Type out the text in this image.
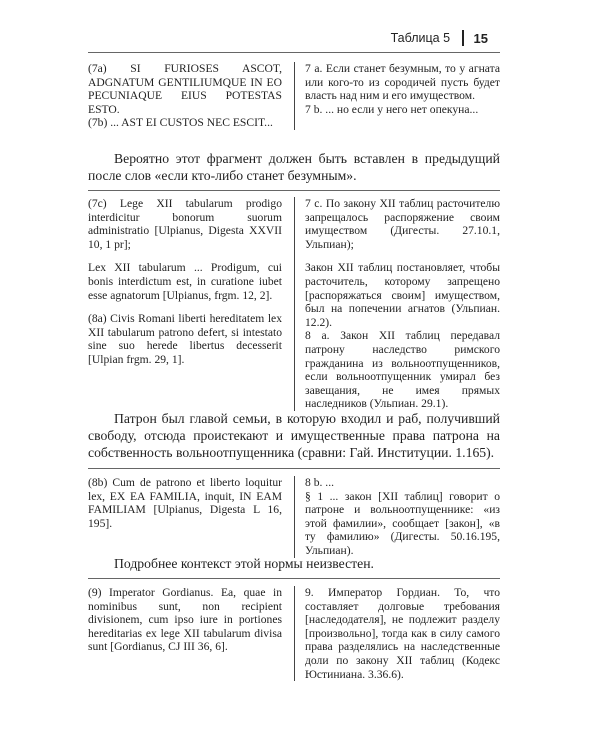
Таблица 5 15

(7a) SI FURIOSES ASCOT, ADGNATUM GENTILIUMQUE IN EO PECUNIAQUE EIUS POTESTAS ESTO.

(7b) ... AST EI CUSTOS NEC ESCIT...

7 а. Если станет безумным, то у агната или кого-то из сородичей пусть будет власть над ним и его имуществом.

7 b. ... но если у него нет опекуна...

Вероятно этот фрагмент должен быть вставлен в предыдущий после слов «если кто-либо станет безумным».

(7c) Lege XII tabularum prodigo interdicitur bonorum suorum administratio [Ulpianus, Digesta XXVII 10, 1 pr];

Lex XII tabularum ... Prodigum, cui bonis interdictum est, in curatione iubet esse agnatorum [Ulpianus, frgm. 12, 2].

(8a) Civis Romani liberti hereditatem lex XII tabularum patrono defert, si intestato sine suo herede libertus decesserit [Ulpian frgm. 29, 1].

7 с. По закону XII таблиц расточителю запрещалось распоряжение своим имуществом (Дигесты. 27.10.1, Ульпиан);

Закон XII таблиц постановляет, чтобы расточитель, которому запрещено [распоряжаться своим] имуществом, был на попечении агнатов (Ульпиан. 12.2).

8 а. Закон XII таблиц передавал патрону наследство римского гражданина из вольноотпущенников, если вольноотпущенник умирал без завещания, не имея прямых наследников (Ульпиан. 29.1).

Патрон был главой семьи, в которую входил и раб, получивший свободу, отсюда проистекают и имущественные права патрона на собственность вольноотпущенника (сравни: Гай. Институции. 1.165).

(8b) Cum de patrono et liberto loquitur lex, EX EA FAMILIA, inquit, IN EAM FAMILIAM [Ulpianus, Digesta L 16, 195].

8 b. ...

§ 1 ... закон [XII таблиц] говорит о патроне и вольноотпущеннике: «из этой фамилии», сообщает [закон], «в ту фамилию» (Дигесты. 50.16.195, Ульпиан).

Подробнее контекст этой нормы неизвестен.

(9) Imperator Gordianus. Ea, quae in nominibus sunt, non recipient divisionem, cum ipso iure in portiones hereditarias ex lege XII tabularum divisa sunt [Gordianus, CJ III 36, 6].

9. Император Гордиан. То, что составляет долговые требования [наследодателя], не подлежит разделу [произвольно], тогда как в силу самого права разделялись на наследственные доли по закону XII таблиц (Кодекс Юстиниана. 3.36.6).
